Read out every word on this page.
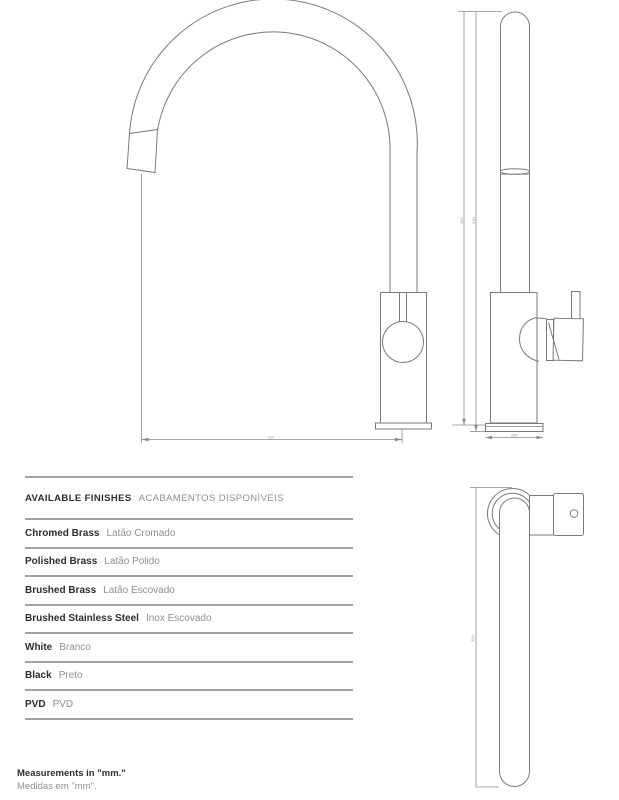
220
360 310
Ø50
300
AVAILABLE FINISHES ACABAMENTOS DISPONÍVEIS
Chromed Brass Latão Cromado
Polished Brass Latão Polido
Brushed Brass Latão Escovado
Brushed Stainless Steel Inox Escovado
White Branco
Black Preto
PVD PVD
Measurements in "mm."
Medidas em "mm".
